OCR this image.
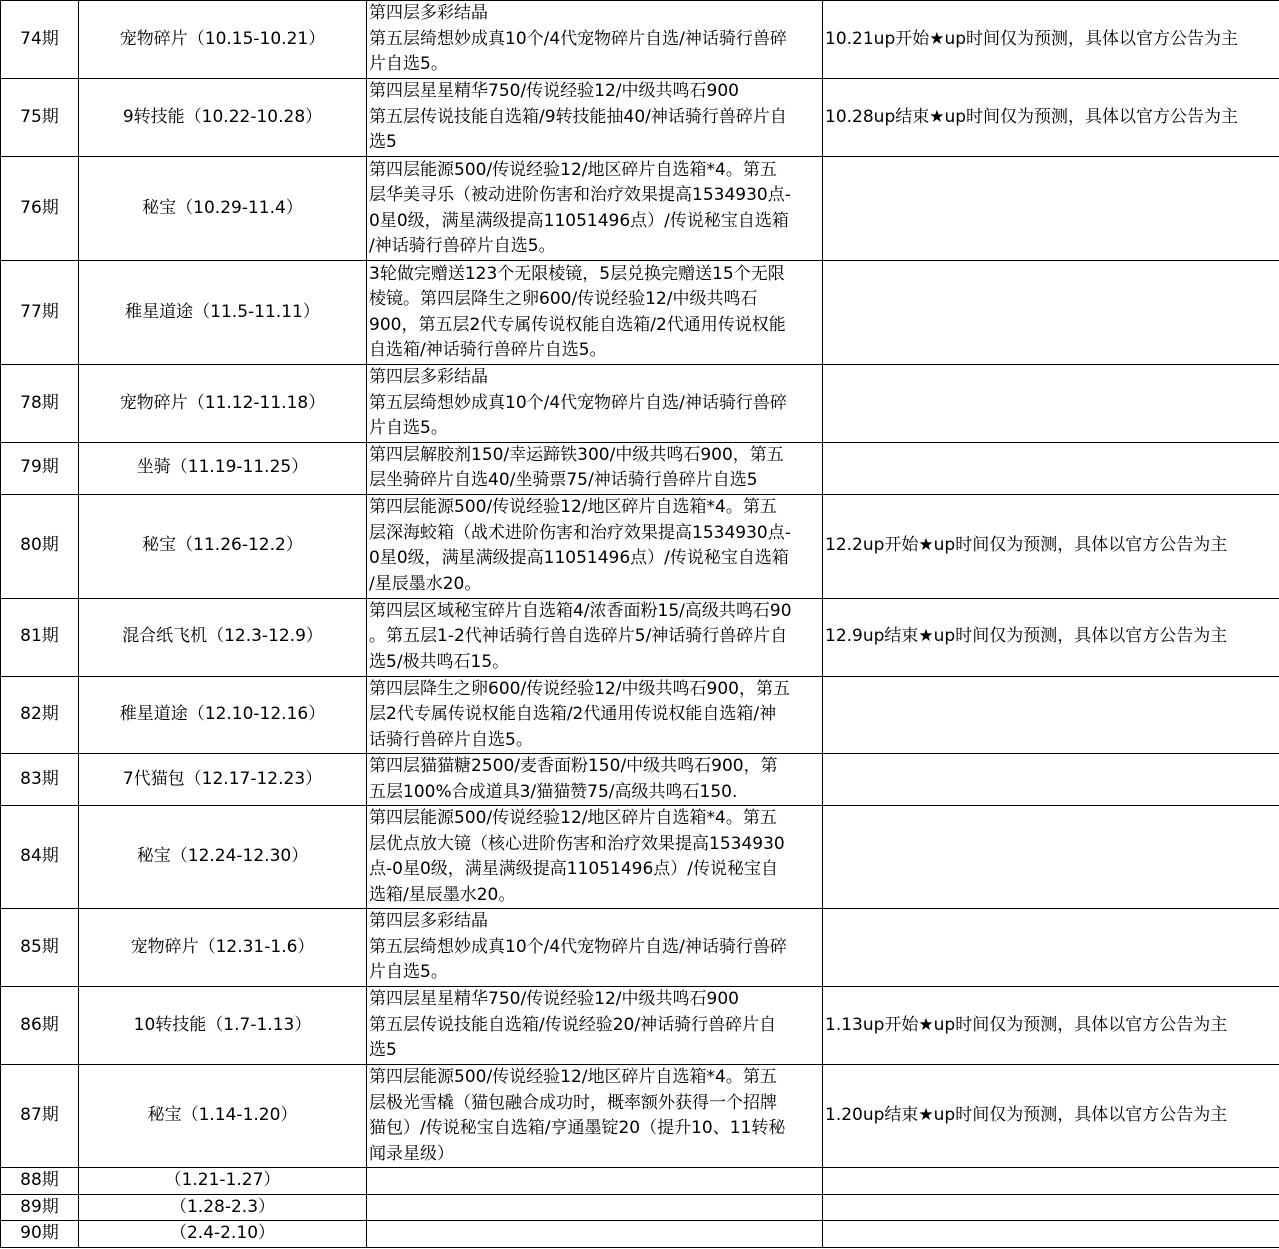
74期	宠物碎片（10.15-10.21）	第四层多彩结晶
第五层绮想妙成真10个/4代宠物碎片自选/神话骑行兽碎
片自选5。	10.21up开始★up时间仅为预测，具体以官方公告为主
75期	9转技能（10.22-10.28）	第四层星星精华750/传说经验12/中级共鸣石900
第五层传说技能自选箱/9转技能抽40/神话骑行兽碎片自
选5	10.28up结束★up时间仅为预测，具体以官方公告为主
76期	秘宝（10.29-11.4）	第四层能源500/传说经验12/地区碎片自选箱*4。第五
层华美寻乐（被动进阶伤害和治疗效果提高1534930点-
0星0级，满星满级提高11051496点）/传说秘宝自选箱
/神话骑行兽碎片自选5。	

77期	稚星道途（11.5-11.11）	3轮做完赠送123个无限棱镜，5层兑换完赠送15个无限
棱镜。第四层降生之卵600/传说经验12/中级共鸣石
900，第五层2代专属传说权能自选箱/2代通用传说权能
自选箱/神话骑行兽碎片自选5。	

78期	宠物碎片（11.12-11.18）	第四层多彩结晶
第五层绮想妙成真10个/4代宠物碎片自选/神话骑行兽碎
片自选5。	

79期	坐骑（11.19-11.25）	第四层解胶剂150/幸运蹄铁300/中级共鸣石900，第五
层坐骑碎片自选40/坐骑票75/神话骑行兽碎片自选5	

80期	秘宝（11.26-12.2）	第四层能源500/传说经验12/地区碎片自选箱*4。第五
层深海蛟箱（战术进阶伤害和治疗效果提高1534930点-
0星0级，满星满级提高11051496点）/传说秘宝自选箱
/星辰墨水20。	12.2up开始★up时间仅为预测，具体以官方公告为主
81期	混合纸飞机（12.3-12.9）	第四层区域秘宝碎片自选箱4/浓香面粉15/高级共鸣石90
。第五层1-2代神话骑行兽自选碎片5/神话骑行兽碎片自
选5/极共鸣石15。	12.9up结束★up时间仅为预测，具体以官方公告为主
82期	稚星道途（12.10-12.16）	第四层降生之卵600/传说经验12/中级共鸣石900，第五
层2代专属传说权能自选箱/2代通用传说权能自选箱/神
话骑行兽碎片自选5。	

83期	7代猫包（12.17-12.23）	第四层猫猫糖2500/麦香面粉150/中级共鸣石900，第
五层100%合成道具3/猫猫赞75/高级共鸣石150.	

84期	秘宝（12.24-12.30）	第四层能源500/传说经验12/地区碎片自选箱*4。第五
层优点放大镜（核心进阶伤害和治疗效果提高1534930
点-0星0级，满星满级提高11051496点）/传说秘宝自
选箱/星辰墨水20。	

85期	宠物碎片（12.31-1.6）	第四层多彩结晶
第五层绮想妙成真10个/4代宠物碎片自选/神话骑行兽碎
片自选5。	

86期	10转技能（1.7-1.13）	第四层星星精华750/传说经验12/中级共鸣石900
第五层传说技能自选箱/传说经验20/神话骑行兽碎片自
选5	1.13up开始★up时间仅为预测，具体以官方公告为主
87期	秘宝（1.14-1.20）	第四层能源500/传说经验12/地区碎片自选箱*4。第五
层极光雪橇（猫包融合成功时，概率额外获得一个招牌
猫包）/传说秘宝自选箱/亨通墨锭20（提升10、11转秘
闻录星级）	1.20up结束★up时间仅为预测，具体以官方公告为主
88期	（1.21-1.27）		
89期	（1.28-2.3）		
90期	（2.4-2.10）		
